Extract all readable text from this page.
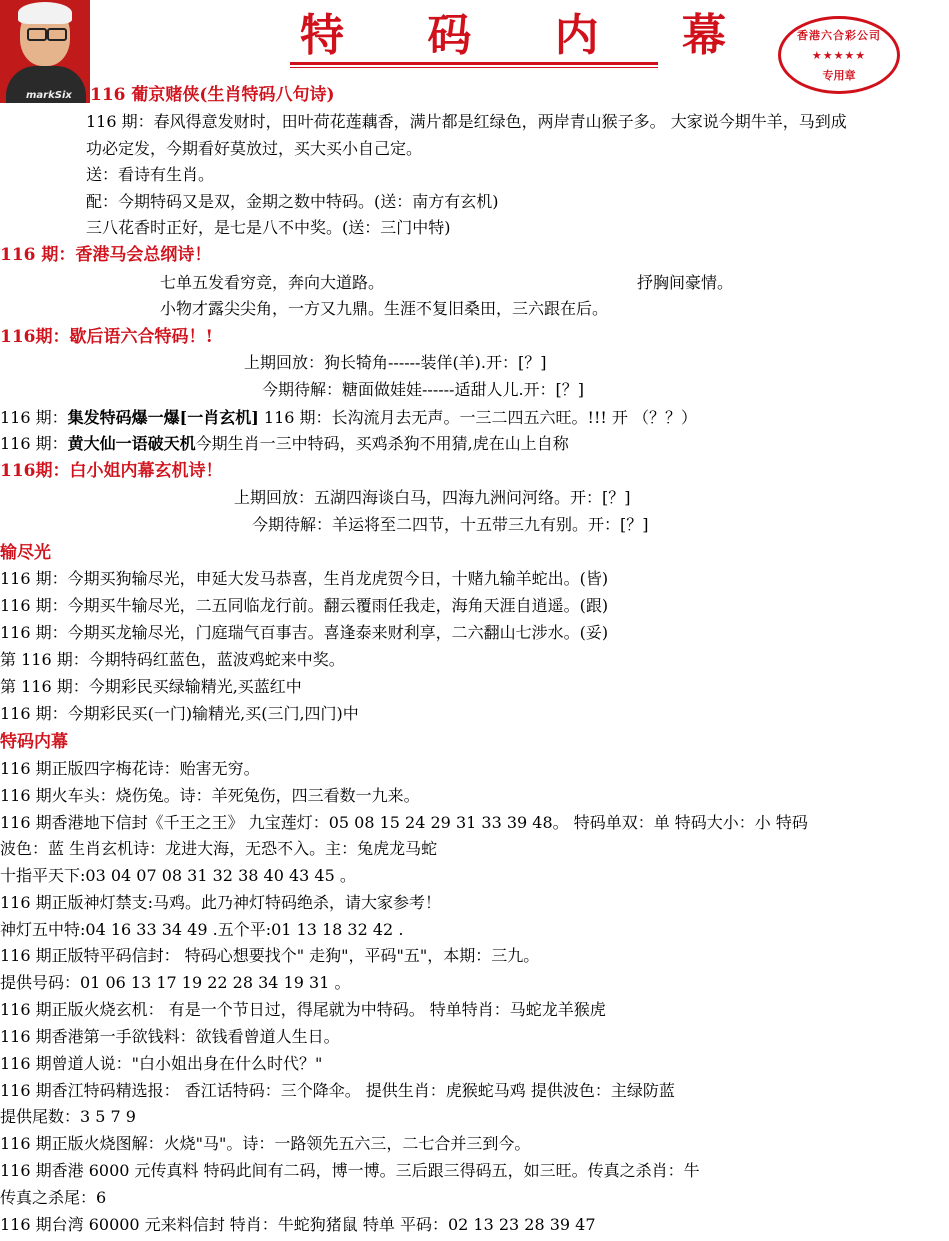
markSix
特 码 内 幕	香港六合彩公司
★★★★★
专用章
116 葡京赌侠(生肖特码八句诗)
116 期：春风得意发财时，田叶荷花莲藕香，满片都是红绿色，两岸青山猴子多。 大家说今期牛羊，马到成
功必定发，今期看好莫放过，买大买小自己定。
送：看诗有生肖。
配：今期特码又是双，金期之数中特码。(送：南方有玄机)
三八花香时正好，是七是八不中奖。(送：三门中特)
116 期：香港马会总纲诗！
七单五发看穷竞，奔向大道路。	抒胸间豪情。
小物才露尖尖角，一方又九鼎。生涯不复旧桑田，三六跟在后。
116期：歇后语六合特码！!
上期回放：狗长犄角------装佯(羊).开：[？]
今期待解：糖面做娃娃------适甜人儿.开：[？]
116 期：集发特码爆一爆[一肖玄机] 116 期：长沟流月去无声。一三二四五六旺。!!! 开 （？？）
116 期：黄大仙一语破天机今期生肖一三中特码，买鸡杀狗不用猜,虎在山上自称
116期：白小姐内幕玄机诗！
上期回放：五湖四海谈白马，四海九洲问河络。开：[？]
今期待解：羊运将至二四节，十五带三九有别。开：[？]
输尽光
116 期：今期买狗输尽光，申延大发马恭喜，生肖龙虎贺今日，十赌九输羊蛇出。(皆)
116 期：今期买牛输尽光，二五同临龙行前。翻云覆雨任我走，海角天涯自逍遥。(跟)
116 期：今期买龙输尽光，门庭瑞气百事吉。喜逢泰来财利享，二六翻山七涉水。(妥)
第 116 期：今期特码红蓝色，蓝波鸡蛇来中奖。
第 116 期：今期彩民买绿输精光,买蓝红中
116 期：今期彩民买(一门)输精光,买(三门,四门)中
特码内幕
116 期正版四字梅花诗：贻害无穷。
116 期火车头：烧伤兔。诗：羊死兔伤，四三看数一九来。
116 期香港地下信封《千王之王》 九宝莲灯：05 08 15 24 29 31 33 39 48。 特码单双：单 特码大小：小 特码
波色：蓝 生肖玄机诗：龙进大海，无恐不入。主：兔虎龙马蛇
十指平天下:03 04 07 08 31 32 38 40 43 45 。
116 期正版神灯禁支:马鸡。此乃神灯特码绝杀，请大家参考！
神灯五中特:04 16 33 34 49 .五个平:01 13 18 32 42 .
116 期正版特平码信封： 特码心想要找个" 走狗"，平码"五"，本期：三九。
提供号码：01 06 13 17 19 22 28 34 19 31 。
116 期正版火烧玄机： 有是一个节日过，得尾就为中特码。 特单特肖：马蛇龙羊猴虎
116 期香港第一手欲钱料：欲钱看曾道人生日。
116 期曾道人说："白小姐出身在什么时代？"
116 期香江特码精选报： 香江话特码：三个降伞。 提供生肖：虎猴蛇马鸡 提供波色：主绿防蓝
提供尾数：3 5 7 9
116 期正版火烧图解：火烧"马"。诗：一路领先五六三，二七合并三到今。
116 期香港 6000 元传真料 特码此间有二码，博一博。三后跟三得码五，如三旺。传真之杀肖：牛
传真之杀尾：6
116 期台湾 60000 元来料信封 特肖：牛蛇狗猪鼠 特单 平码：02 13 23 28 39 47
